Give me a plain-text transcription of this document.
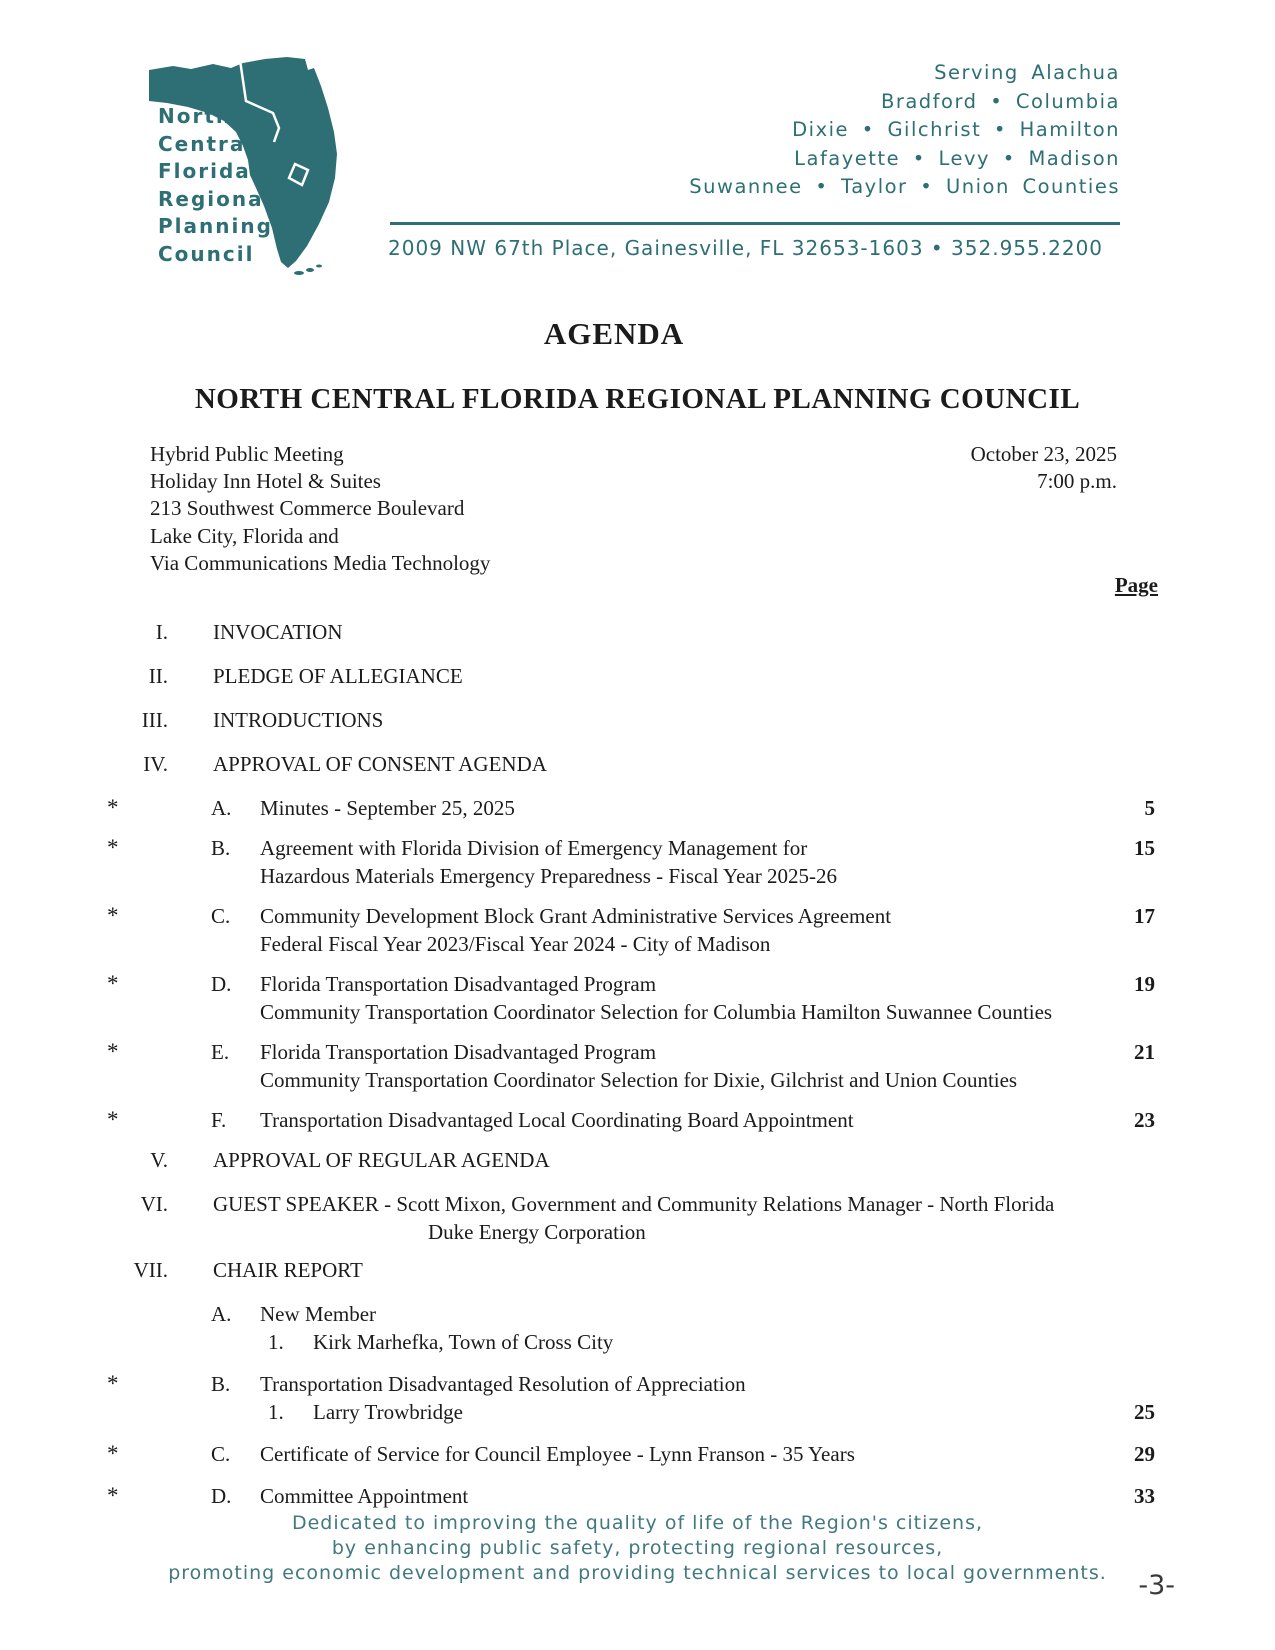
North
Central
Florida
Regional
Planning
Council
Serving Alachua
Bradford • Columbia
Dixie • Gilchrist • Hamilton
Lafayette • Levy • Madison
Suwannee • Taylor • Union Counties
2009 NW 67th Place, Gainesville, FL 32653-1603 • 352.955.2200
AGENDA
NORTH CENTRAL FLORIDA REGIONAL PLANNING COUNCIL
Hybrid Public Meeting
Holiday Inn Hotel & Suites
213 Southwest Commerce Boulevard
Lake City, Florida and
Via Communications Media Technology
October 23, 2025
7:00 p.m.
Page
I.	INVOCATION
II.	PLEDGE OF ALLEGIANCE
III.	INTRODUCTIONS
IV.	APPROVAL OF CONSENT AGENDA
*	A.	Minutes - September 25, 2025	5
*	B.	Agreement with Florida Division of Emergency Management for
Hazardous Materials Emergency Preparedness - Fiscal Year 2025-26
15
*	C.	Community Development Block Grant Administrative Services Agreement
Federal Fiscal Year 2023/Fiscal Year 2024 - City of Madison
17
*	D.	Florida Transportation Disadvantaged Program
Community Transportation Coordinator Selection for Columbia Hamilton Suwannee Counties
19
*	E.	Florida Transportation Disadvantaged Program
Community Transportation Coordinator Selection for Dixie, Gilchrist and Union Counties
21
*	F.	Transportation Disadvantaged Local Coordinating Board Appointment	23
V.	APPROVAL OF REGULAR AGENDA
VI. GUEST SPEAKER - Scott Mixon, Government and Community Relations Manager - North Florida
Duke Energy Corporation
VII.	CHAIR REPORT
A.	New Member
1. Kirk Marhefka, Town of Cross City
*	B.	Transportation Disadvantaged Resolution of Appreciation
1. Larry Trowbridge	25
*	C.	Certificate of Service for Council Employee - Lynn Franson - 35 Years	29
*	D.	Committee Appointment	33
Dedicated to improving the quality of life of the Region's citizens,
by enhancing public safety, protecting regional resources,
promoting economic development and providing technical services to local governments.	-3-
